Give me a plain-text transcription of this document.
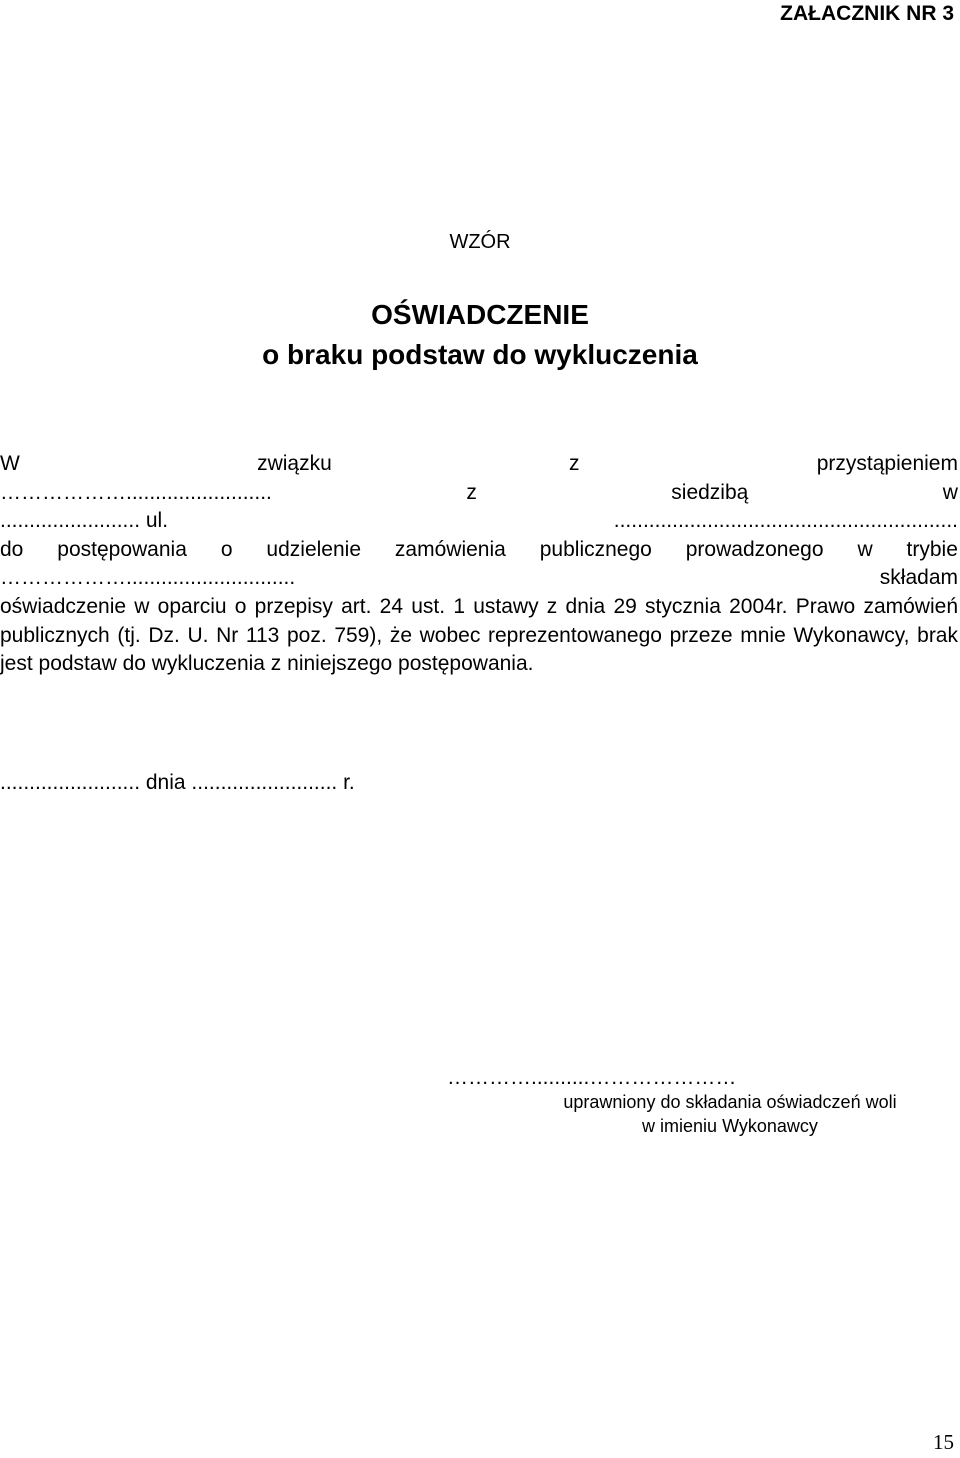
ZAŁACZNIK NR 3
WZÓR
OŚWIADCZENIE
o braku podstaw do wykluczenia
W	związku	z	przystąpieniem
……………….........................	z	siedzibą	w
........................ ul.	...........................................................
do postępowania o udzielenie zamówienia publicznego prowadzonego w trybie
……………….............................	składam

oświadczenie w oparciu o przepisy art. 24 ust. 1 ustawy z dnia 29 stycznia 2004r. Prawo zamówień publicznych (tj. Dz. U. Nr 113 poz. 759), że wobec reprezentowanego przeze mnie Wykonawcy, brak jest podstaw do wykluczenia z niniejszego postępowania.

........................ dnia ......................... r.
…………..........…………………
uprawniony do składania oświadczeń woli
w imieniu Wykonawcy
15
